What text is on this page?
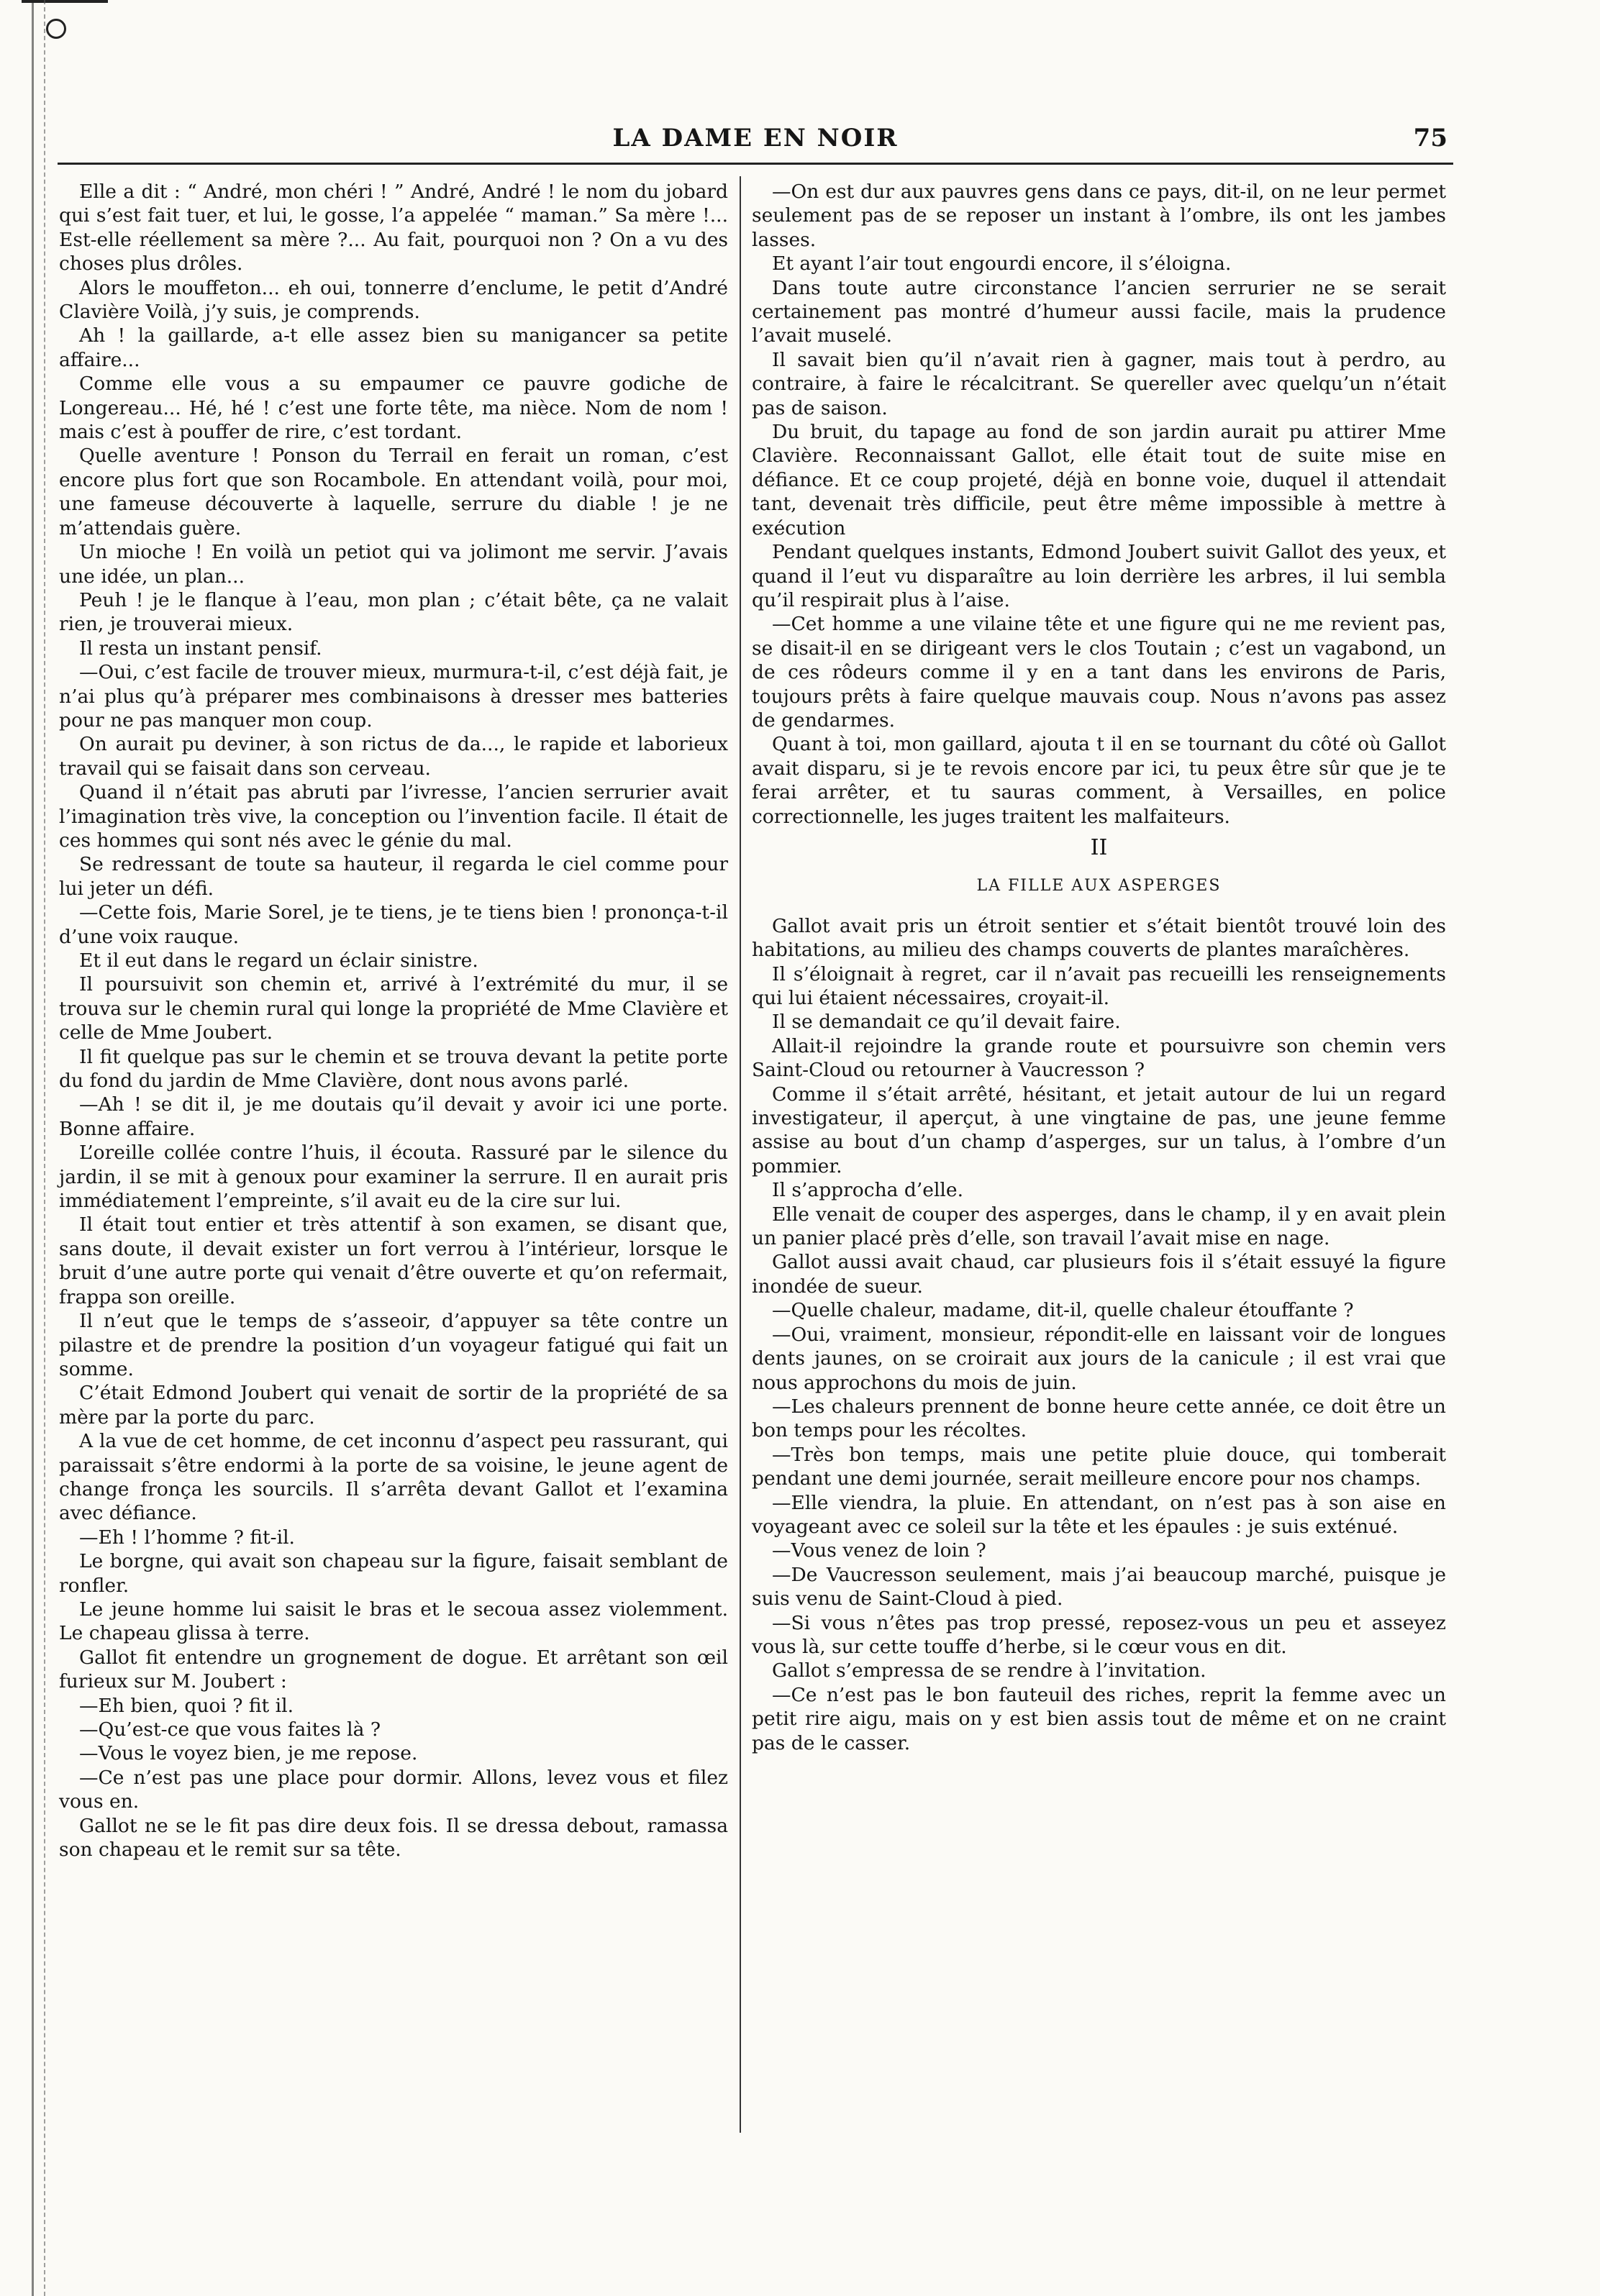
LA DAME EN NOIR	75

Elle a dit : “ André, mon chéri ! ” André, André ! le nom du jobard qui s’est fait tuer, et lui, le gosse, l’a appelée “ maman.” Sa mère !... Est-elle réellement sa mère ?... Au fait, pourquoi non ? On a vu des choses plus drôles.

Alors le mouffeton... eh oui, tonnerre d’enclume, le petit d’André Clavière Voilà, j’y suis, je comprends.

Ah ! la gaillarde, a-t elle assez bien su manigancer sa petite affaire...

Comme elle vous a su empaumer ce pauvre godiche de Longereau... Hé, hé ! c’est une forte tête, ma nièce. Nom de nom ! mais c’est à pouffer de rire, c’est tordant.

Quelle aventure ! Ponson du Terrail en ferait un roman, c’est encore plus fort que son Rocambole. En attendant voilà, pour moi, une fameuse découverte à laquelle, serrure du diable ! je ne m’attendais guère.

Un mioche ! En voilà un petiot qui va jolimont me servir. J’avais une idée, un plan...

Peuh ! je le flanque à l’eau, mon plan ; c’était bête, ça ne valait rien, je trouverai mieux.

Il resta un instant pensif.

—Oui, c’est facile de trouver mieux, murmura-t-il, c’est déjà fait, je n’ai plus qu’à préparer mes combinaisons à dresser mes batteries pour ne pas manquer mon coup.

On aurait pu deviner, à son rictus de da..., le rapide et laborieux travail qui se faisait dans son cerveau.

Quand il n’était pas abruti par l’ivresse, l’ancien serrurier avait l’imagination très vive, la conception ou l’invention facile. Il était de ces hommes qui sont nés avec le génie du mal.

Se redressant de toute sa hauteur, il regarda le ciel comme pour lui jeter un défi.

—Cette fois, Marie Sorel, je te tiens, je te tiens bien ! prononça-t-il d’une voix rauque.

Et il eut dans le regard un éclair sinistre.

Il poursuivit son chemin et, arrivé à l’extrémité du mur, il se trouva sur le chemin rural qui longe la propriété de Mme Clavière et celle de Mme Joubert.

Il fit quelque pas sur le chemin et se trouva devant la petite porte du fond du jardin de Mme Clavière, dont nous avons parlé.

—Ah ! se dit il, je me doutais qu’il devait y avoir ici une porte. Bonne affaire.

L’oreille collée contre l’huis, il écouta. Rassuré par le silence du jardin, il se mit à genoux pour examiner la serrure. Il en aurait pris immédiatement l’empreinte, s’il avait eu de la cire sur lui.

Il était tout entier et très attentif à son examen, se disant que, sans doute, il devait exister un fort verrou à l’intérieur, lorsque le bruit d’une autre porte qui venait d’être ouverte et qu’on refermait, frappa son oreille.

Il n’eut que le temps de s’asseoir, d’appuyer sa tête contre un pilastre et de prendre la position d’un voyageur fatigué qui fait un somme.

C’était Edmond Joubert qui venait de sortir de la propriété de sa mère par la porte du parc.

A la vue de cet homme, de cet inconnu d’aspect peu rassurant, qui paraissait s’être endormi à la porte de sa voisine, le jeune agent de change fronça les sourcils. Il s’arrêta devant Gallot et l’examina avec défiance.

—Eh ! l’homme ? fit-il.

Le borgne, qui avait son chapeau sur la figure, faisait semblant de ronfler.

Le jeune homme lui saisit le bras et le secoua assez violemment. Le chapeau glissa à terre.

Gallot fit entendre un grognement de dogue. Et arrêtant son œil furieux sur M. Joubert :

—Eh bien, quoi ? fit il.

—Qu’est-ce que vous faites là ?

—Vous le voyez bien, je me repose.

—Ce n’est pas une place pour dormir. Allons, levez vous et filez vous en.

Gallot ne se le fit pas dire deux fois. Il se dressa debout, ramassa son chapeau et le remit sur sa tête.

—On est dur aux pauvres gens dans ce pays, dit-il, on ne leur permet seulement pas de se reposer un instant à l’ombre, ils ont les jambes lasses.

Et ayant l’air tout engourdi encore, il s’éloigna.

Dans toute autre circonstance l’ancien serrurier ne se serait certainement pas montré d’humeur aussi facile, mais la prudence l’avait muselé.

Il savait bien qu’il n’avait rien à gagner, mais tout à perdro, au contraire, à faire le récalcitrant. Se quereller avec quelqu’un n’était pas de saison.

Du bruit, du tapage au fond de son jardin aurait pu attirer Mme Clavière. Reconnaissant Gallot, elle était tout de suite mise en défiance. Et ce coup projeté, déjà en bonne voie, duquel il attendait tant, devenait très difficile, peut être même impossible à mettre à exécution

Pendant quelques instants, Edmond Joubert suivit Gallot des yeux, et quand il l’eut vu disparaître au loin derrière les arbres, il lui sembla qu’il respirait plus à l’aise.

—Cet homme a une vilaine tête et une figure qui ne me revient pas, se disait-il en se dirigeant vers le clos Toutain ; c’est un vagabond, un de ces rôdeurs comme il y en a tant dans les environs de Paris, toujours prêts à faire quelque mauvais coup. Nous n’avons pas assez de gendarmes.

Quant à toi, mon gaillard, ajouta t il en se tournant du côté où Gallot avait disparu, si je te revois encore par ici, tu peux être sûr que je te ferai arrêter, et tu sauras comment, à Versailles, en police correctionnelle, les juges traitent les malfaiteurs.

II
LA FILLE AUX ASPERGES

Gallot avait pris un étroit sentier et s’était bientôt trouvé loin des habitations, au milieu des champs couverts de plantes maraîchères.

Il s’éloignait à regret, car il n’avait pas recueilli les renseignements qui lui étaient nécessaires, croyait-il.

Il se demandait ce qu’il devait faire.

Allait-il rejoindre la grande route et poursuivre son chemin vers Saint-Cloud ou retourner à Vaucresson ?

Comme il s’était arrêté, hésitant, et jetait autour de lui un regard investigateur, il aperçut, à une vingtaine de pas, une jeune femme assise au bout d’un champ d’asperges, sur un talus, à l’ombre d’un pommier.

Il s’approcha d’elle.

Elle venait de couper des asperges, dans le champ, il y en avait plein un panier placé près d’elle, son travail l’avait mise en nage.

Gallot aussi avait chaud, car plusieurs fois il s’était essuyé la figure inondée de sueur.

—Quelle chaleur, madame, dit-il, quelle chaleur étouffante ?

—Oui, vraiment, monsieur, répondit-elle en laissant voir de longues dents jaunes, on se croirait aux jours de la canicule ; il est vrai que nous approchons du mois de juin.

—Les chaleurs prennent de bonne heure cette année, ce doit être un bon temps pour les récoltes.

—Très bon temps, mais une petite pluie douce, qui tomberait pendant une demi journée, serait meilleure encore pour nos champs.

—Elle viendra, la pluie. En attendant, on n’est pas à son aise en voyageant avec ce soleil sur la tête et les épaules : je suis exténué.

—Vous venez de loin ?

—De Vaucresson seulement, mais j’ai beaucoup marché, puisque je suis venu de Saint-Cloud à pied.

—Si vous n’êtes pas trop pressé, reposez-vous un peu et asseyez vous là, sur cette touffe d’herbe, si le cœur vous en dit.

Gallot s’empressa de se rendre à l’invitation.

—Ce n’est pas le bon fauteuil des riches, reprit la femme avec un petit rire aigu, mais on y est bien assis tout de même et on ne craint pas de le casser.
